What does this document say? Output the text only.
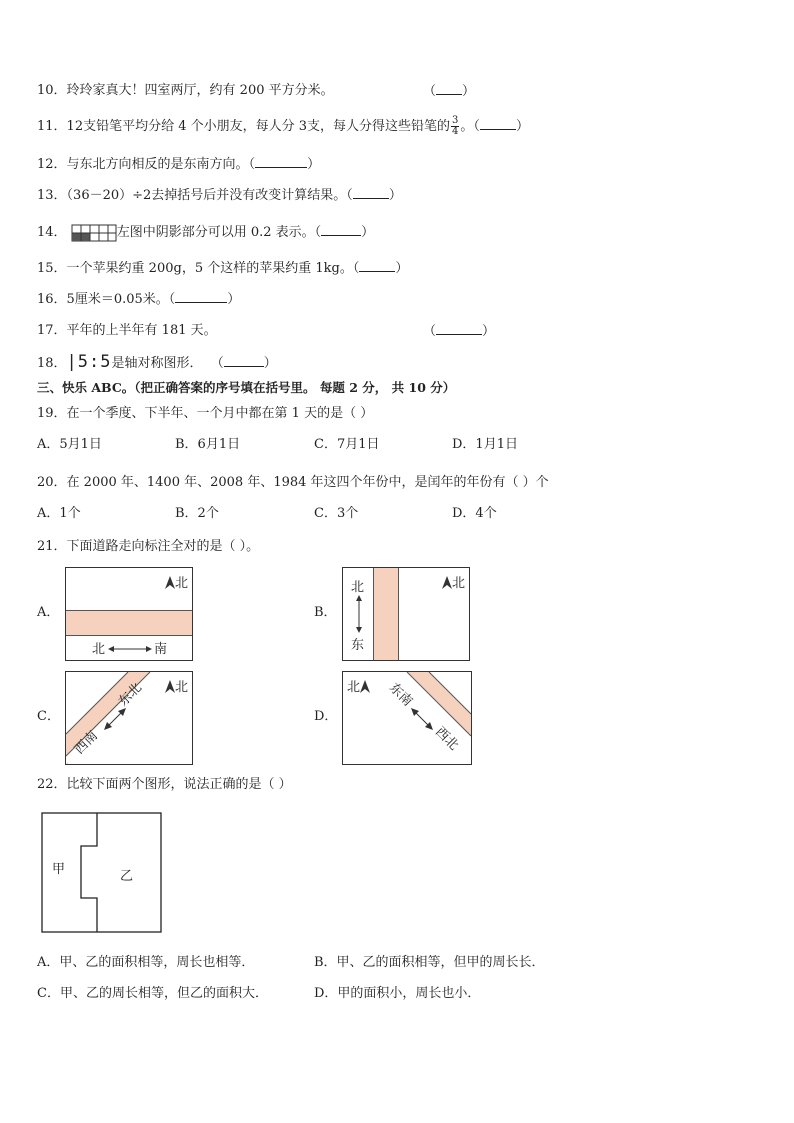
10．玲玲家真大！四室两厅，约有 200 平方分米。	（ ）
11．12支铅笔平均分给 4 个小朋友，每人分 3支，每人分得这些铅笔的 $\frac{3}{4}$ 。（	）
12．与东北方向相反的是东南方向。（	）
13．（36－20）÷2去掉括号后并没有改变计算结果。（	）
14．	左图中阴影部分可以用 0.2 表示。（	）
15．一个苹果约重 200g，5 个这样的苹果约重 1kg。（	）
16．5厘米＝0.05米。（	）
17．平年的上半年有 181 天。	（	）
18．|5:5是轴对称图形． （	）
三、快乐 ABC。（把正确答案的序号填在括号里。 每题 2 分， 共 10 分）
19．在一个季度、下半年、一个月中都在第 1 天的是（ ）
A．5月1日	B．6月1日	C．7月1日	D．1月1日
20．在 2000 年、1400 年、2008 年、1984 年这四个年份中，是闰年的年份有（ ）个
A．1个	B．2个	C．3个	D．4个
21．下面道路走向标注全对的是（ ）。
A．
北
北	南
B．
北
北
东
C．
北
东北
西南
D．
北	东南
西北
22．比较下面两个图形，说法正确的是（ ）
甲	乙
A．甲、乙的面积相等，周长也相等．	B．甲、乙的面积相等，但甲的周长长．
C．甲、乙的周长相等，但乙的面积大．	D．甲的面积小，周长也小．
